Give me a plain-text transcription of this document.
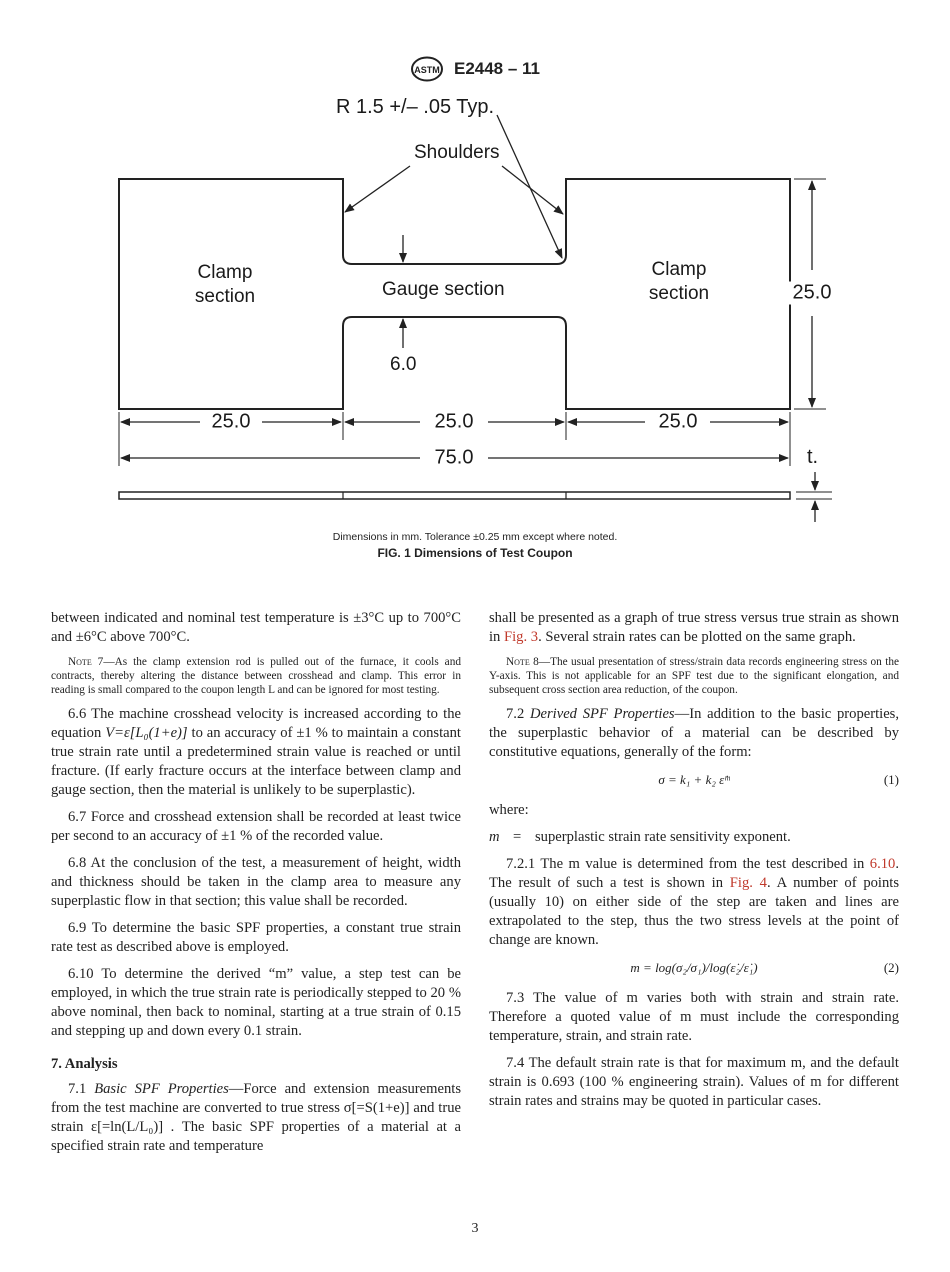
ASTM E2448 – 11
R 1.5 +/– .05 Typ.
Shoulders
Clamp
section
Clamp
section
Gauge section
6.0
25.0
25.0	25.0	25.0
75.0	t.
Dimensions in mm. Tolerance ±0.25 mm except where noted.
FIG. 1 Dimensions of Test Coupon

between indicated and nominal test temperature is ±3°C up to 700°C and ±6°C above 700°C.

Note 7—As the clamp extension rod is pulled out of the furnace, it cools and contracts, thereby altering the distance between crosshead and clamp. This error in reading is small compared to the coupon length L and can be ignored for most testing.

6.6 The machine crosshead velocity is increased according to the equation V=ε̇[L₀(1+e)] to an accuracy of ±1 % to maintain a constant true strain rate until a predetermined strain value is reached or until fracture. (If early fracture occurs at the interface between clamp and gauge section, then the material is unlikely to be superplastic).

6.7 Force and crosshead extension shall be recorded at least twice per second to an accuracy of ±1 % of the recorded value.

6.8 At the conclusion of the test, a measurement of height, width and thickness should be taken in the clamp area to measure any superplastic flow in that section; this value shall be recorded.

6.9 To determine the basic SPF properties, a constant true strain rate test as described above is employed.

6.10 To determine the derived “m” value, a step test can be employed, in which the true strain rate is periodically stepped to 20 % above nominal, then back to nominal, starting at a true strain of 0.15 and stepping up and down every 0.1 strain.

7. Analysis

7.1 Basic SPF Properties—Force and extension measurements from the test machine are converted to true stress σ[=S(1+e)] and true strain ε[=ln(L/L₀)] . The basic SPF properties of a material at a specified strain rate and temperature

shall be presented as a graph of true stress versus true strain as shown in Fig. 3. Several strain rates can be plotted on the same graph.

Note 8—The usual presentation of stress/strain data records engineering stress on the Y-axis. This is not applicable for an SPF test due to the significant elongation, and subsequent cross section area reduction, of the coupon.

7.2 Derived SPF Properties—In addition to the basic properties, the superplastic behavior of a material can be described by constitutive equations, generally of the form:

σ = k₁ + k₂ ε̇ᵐ	(1)

where:

m = superplastic strain rate sensitivity exponent.

7.2.1 The m value is determined from the test described in 6.10. The result of such a test is shown in Fig. 4. A number of points (usually 10) on either side of the step are taken and lines are extrapolated to the step, thus the two stress levels at the point of change are known.

m = log(σ₂/σ₁)/log(ε̇₂/ε̇₁)	(2)

7.3 The value of m varies both with strain and strain rate. Therefore a quoted value of m must include the corresponding temperature, strain, and strain rate.

7.4 The default strain rate is that for maximum m, and the default strain is 0.693 (100 % engineering strain). Values of m for different strain rates and strains may be quoted in particular cases.

3
